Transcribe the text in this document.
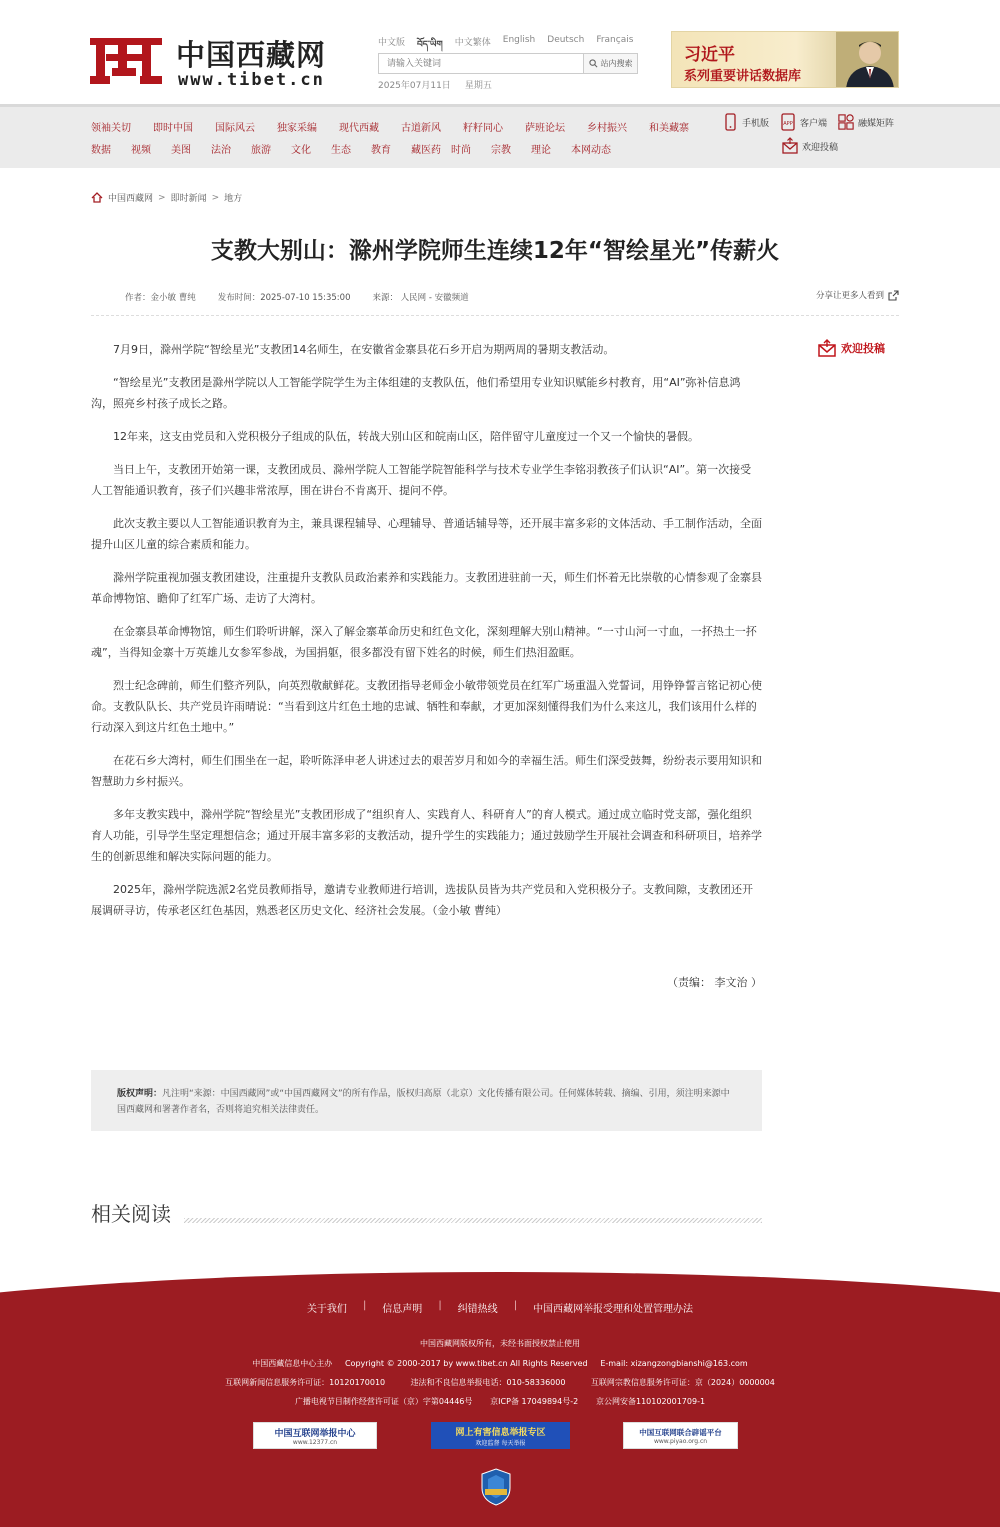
中国西藏网
www.tibet.cn
中文版 བོད་ཡིག 中文繁体 English Deutsch Français
请输入关键词
站内搜索
2025年07月11日 星期五
习近平
系列重要讲话数据库
领袖关切	即时中国	国际风云	独家采编	现代西藏	古道新风	籽籽同心	萨班论坛	乡村振兴	和美藏寨
数据	视频	美图	法治	旅游	文化	生态	教育	藏医药	时尚	宗教	理论	本网动态
手机版	APP 客户端	融媒矩阵
欢迎投稿
中国西藏网 > 即时新闻 > 地方
支教大别山：滁州学院师生连续12年“智绘星光”传薪火
作者：金小敏 曹纯	发布时间：2025-07-10 15:35:00	来源： 人民网 - 安徽频道	分享让更多人看到

7月9日，滁州学院“智绘星光”支教团14名师生，在安徽省金寨县花石乡开启为期两周的暑期支教活动。

“智绘星光”支教团是滁州学院以人工智能学院学生为主体组建的支教队伍，他们希望用专业知识赋能乡村教育，用“AI”弥补信息鸿沟，照亮乡村孩子成长之路。

12年来，这支由党员和入党积极分子组成的队伍，转战大别山区和皖南山区，陪伴留守儿童度过一个又一个愉快的暑假。

当日上午，支教团开始第一课，支教团成员、滁州学院人工智能学院智能科学与技术专业学生李铭羽教孩子们认识“AI”。第一次接受人工智能通识教育，孩子们兴趣非常浓厚，围在讲台不肯离开、提问不停。

此次支教主要以人工智能通识教育为主，兼具课程辅导、心理辅导、普通话辅导等，还开展丰富多彩的文体活动、手工制作活动，全面提升山区儿童的综合素质和能力。

滁州学院重视加强支教团建设，注重提升支教队员政治素养和实践能力。支教团进驻前一天，师生们怀着无比崇敬的心情参观了金寨县革命博物馆、瞻仰了红军广场、走访了大湾村。

在金寨县革命博物馆，师生们聆听讲解，深入了解金寨革命历史和红色文化，深刻理解大别山精神。“一寸山河一寸血，一抔热土一抔魂”，当得知金寨十万英雄儿女参军参战，为国捐躯，很多都没有留下姓名的时候，师生们热泪盈眶。

烈士纪念碑前，师生们整齐列队，向英烈敬献鲜花。支教团指导老师金小敏带领党员在红军广场重温入党誓词，用铮铮誓言铭记初心使命。支教队队长、共产党员许雨晴说：“当看到这片红色土地的忠诚、牺牲和奉献，才更加深刻懂得我们为什么来这儿，我们该用什么样的行动深入到这片红色土地中。”

在花石乡大湾村，师生们围坐在一起，聆听陈泽申老人讲述过去的艰苦岁月和如今的幸福生活。师生们深受鼓舞，纷纷表示要用知识和智慧助力乡村振兴。

多年支教实践中，滁州学院“智绘星光”支教团形成了“组织育人、实践育人、科研育人”的育人模式。通过成立临时党支部，强化组织育人功能，引导学生坚定理想信念；通过开展丰富多彩的支教活动，提升学生的实践能力；通过鼓励学生开展社会调查和科研项目，培养学生的创新思维和解决实际问题的能力。

2025年，滁州学院选派2名党员教师指导，邀请专业教师进行培训，选拔队员皆为共产党员和入党积极分子。支教间隙，支教团还开展调研寻访，传承老区红色基因，熟悉老区历史文化、经济社会发展。（金小敏 曹纯）

（责编： 李文治 ）
欢迎投稿
版权声明：凡注明“来源：中国西藏网”或“中国西藏网文”的所有作品，版权归高原（北京）文化传播有限公司。任何媒体转载、摘编、引用，须注明来源中国西藏网和署著作者名，否则将追究相关法律责任。
相关阅读
关于我们 | 信息声明 | 纠错热线 | 中国西藏网举报受理和处置管理办法
中国西藏网版权所有，未经书面授权禁止使用
中国西藏信息中心主办     Copyright © 2000-2017 by www.tibet.cn All Rights Reserved     E-mail: xizangzongbianshi@163.com
互联网新闻信息服务许可证：10120170010          违法和不良信息举报电话：010-58336000          互联网宗教信息服务许可证：京（2024）0000004
广播电视节目制作经营许可证（京）字第04446号       京ICP备 17049894号-2       京公网安备110102001709-1
中国互联网举报中心
www.12377.cn
网上有害信息举报专区
欢迎监督 每天举报
中国互联网联合辟谣平台
www.piyao.org.cn
